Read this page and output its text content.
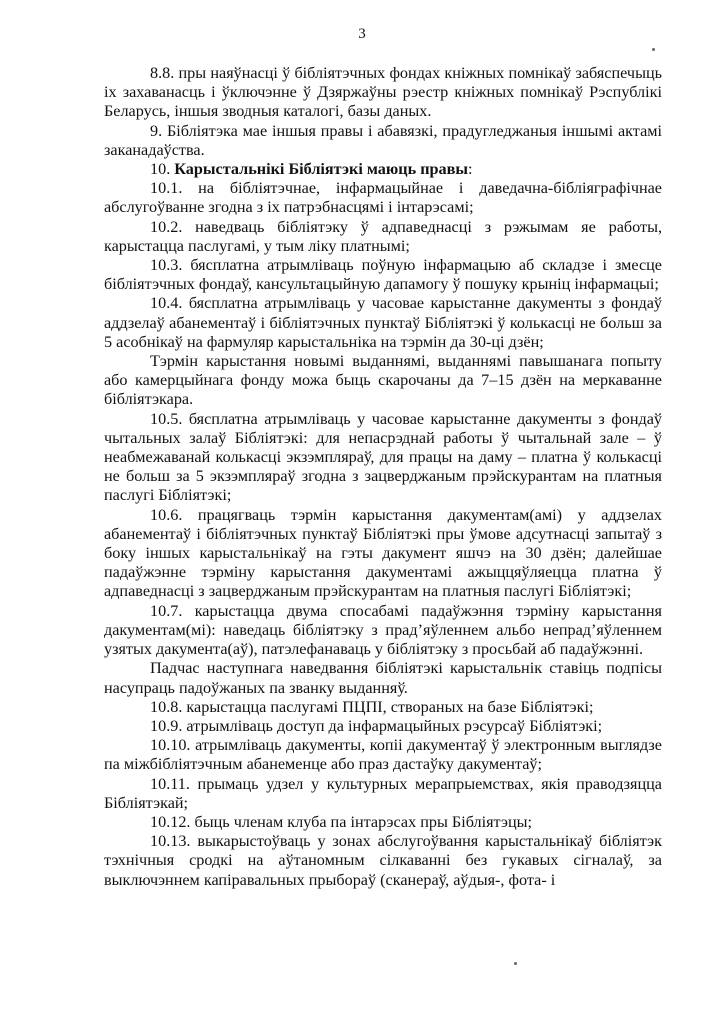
3

8.8. пры наяўнасці ў бібліятэчных фондах кніжных помнікаў забяспечыць іх захаванасць і ўключэнне ў Дзяржаўны рэестр кніжных помнікаў Рэспублікі Беларусь, іншыя зводныя каталогі, базы даных.

9. Бібліятэка мае іншыя правы і абавязкі, прадугледжаныя іншымі актамі заканадаўства.

10. Карыстальнікі Бібліятэкі маюць правы:

10.1. на бібліятэчнае, інфармацыйнае і даведачна-бібліяграфічнае абслугоўванне згодна з іх патрэбнасцямі і інтарэсамі;

10.2. наведваць бібліятэку ў адпаведнасці з рэжымам яе работы, карыстацца паслугамі, у тым ліку платнымі;

10.3. бясплатна атрымліваць поўную інфармацыю аб складзе і змесце бібліятэчных фондаў, кансультацыйную дапамогу ў пошуку крыніц інфармацыі;

10.4. бясплатна атрымліваць у часовае карыстанне дакументы з фондаў аддзелаў абанементаў і бібліятэчных пунктаў Бібліятэкі ў колькасці не больш за 5 асобнікаў на фармуляр карыстальніка на тэрмін да 30-ці дзён;

Тэрмін карыстання новымі выданнямі, выданнямі павышанага попыту або камерцыйнага фонду можа быць скарочаны да 7–15 дзён на меркаванне бібліятэкара.

10.5. бясплатна атрымліваць у часовае карыстанне дакументы з фондаў чытальных залаў Бібліятэкі: для непасрэднай работы ў чытальнай зале – ў неабмежаванай колькасці экзэмпляраў, для працы на даму – платна ў колькасці не больш за 5 экзэмпляраў згодна з зацверджаным прэйскурантам на платныя паслугі Бібліятэкі;

10.6. працягваць тэрмін карыстання дакументам(амі) у аддзелах абанементаў і бібліятэчных пунктаў Бібліятэкі пры ўмове адсутнасці запытаў з боку іншых карыстальнікаў на гэты дакумент яшчэ на 30 дзён; далейшае падаўжэнне тэрміну карыстання дакументамі ажыццяўляецца платна ў адпаведнасці з зацверджаным прэйскурантам на платныя паслугі Бібліятэкі;

10.7. карыстацца двума спосабамі падаўжэння тэрміну карыстання дакументам(мі): наведаць бібліятэку з прад’яўленнем альбо непрад’яўленнем узятых дакумента(аў), патэлефанаваць у бібліятэку з просьбай аб падаўжэнні.

Падчас наступнага наведвання бібліятэкі карыстальнік ставіць подпісы насупраць падоўжаных па званку выданняў.

10.8. карыстацца паслугамі ПЦПІ, створаных на базе Бібліятэкі;

10.9. атрымліваць доступ да інфармацыйных рэсурсаў Бібліятэкі;

10.10. атрымліваць дакументы, копіі дакументаў ў электронным выглядзе па міжбібліятэчным абанеменце або праз дастаўку дакументаў;

10.11. прымаць удзел у культурных мерапрыемствах, якія праводзяцца Бібліятэкай;

10.12. быць членам клуба па інтарэсах пры Бібліятэцы;

10.13. выкарыстоўваць у зонах абслугоўвання карыстальнікаў бібліятэк тэхнічныя сродкі на аўтаномным сілкаванні без гукавых сігналаў, за выключэннем капіравальных прыбораў (сканераў, аўдыя-, фота- і
